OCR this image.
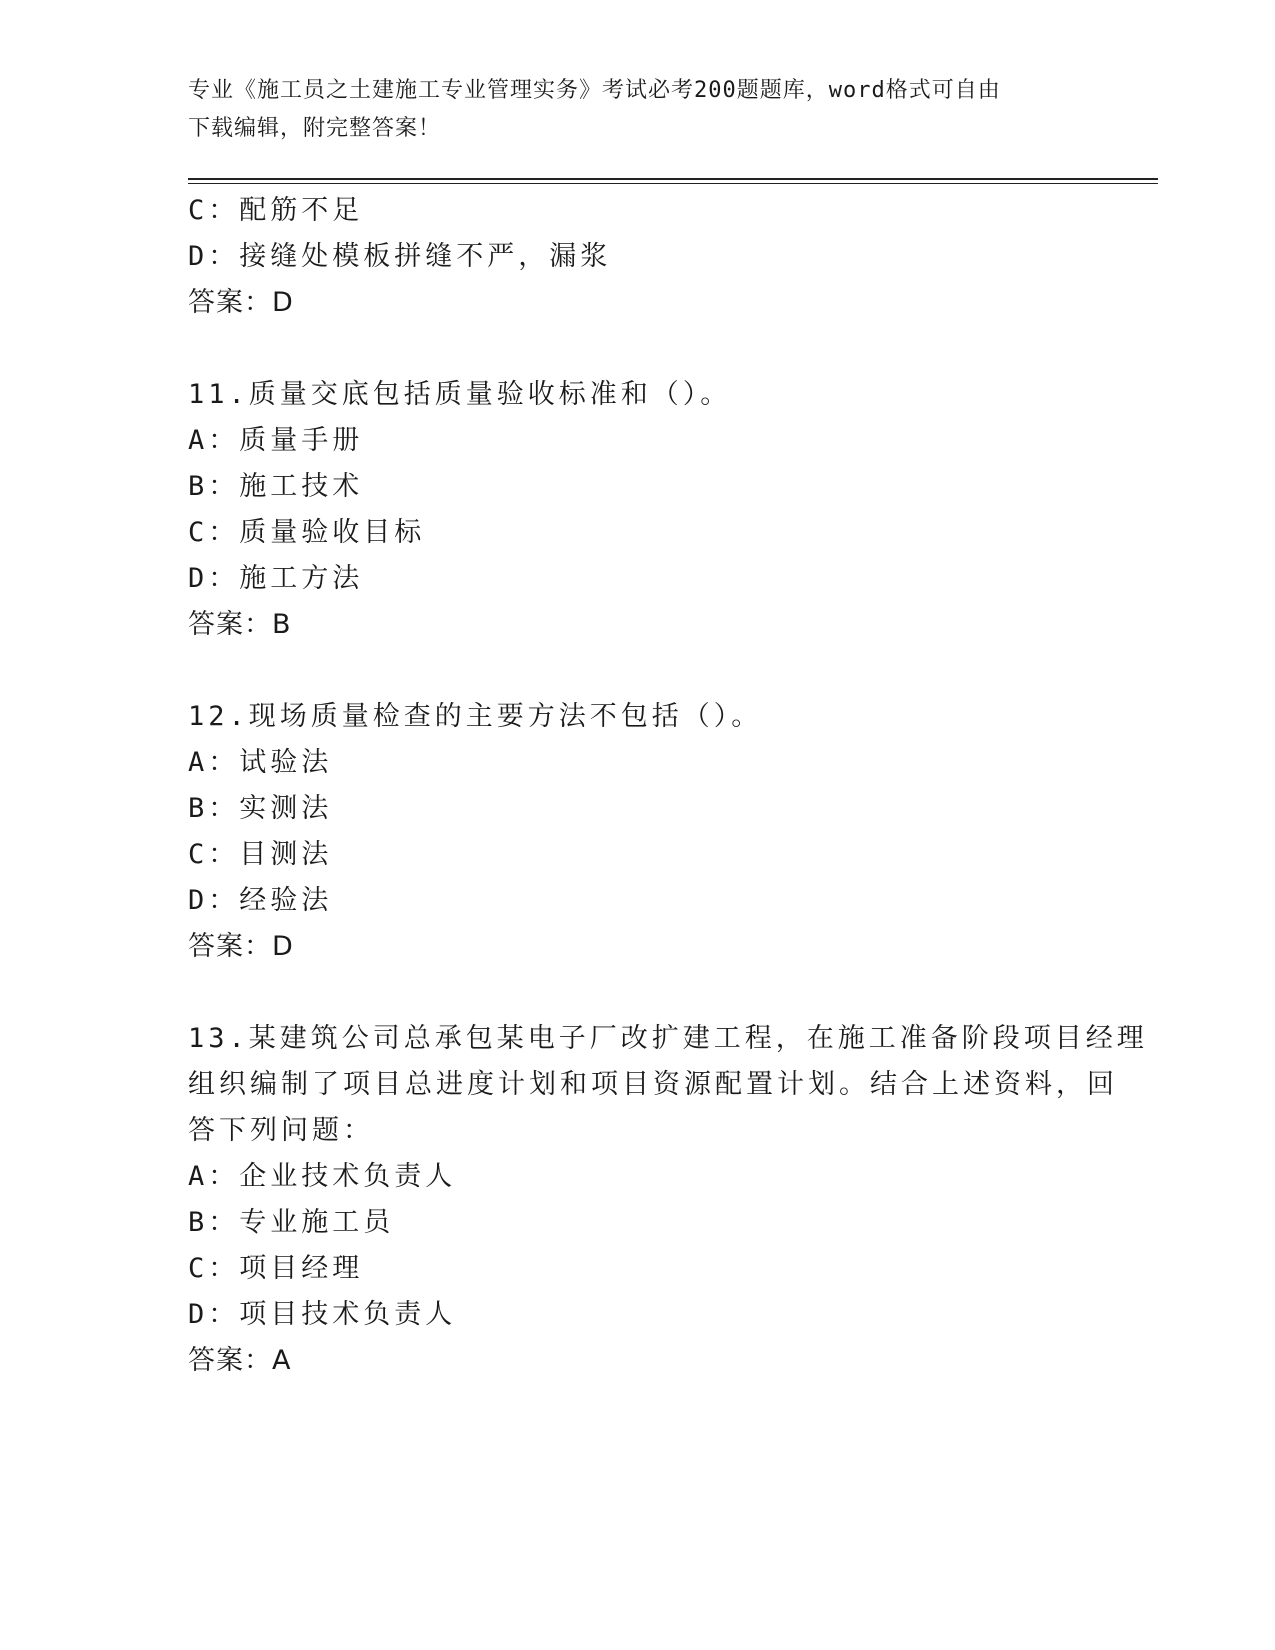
专业《施工员之土建施工专业管理实务》考试必考200题题库，word格式可自由
下载编辑，附完整答案！
C：配筋不足
D：接缝处模板拼缝不严，漏浆
答案：D
11.质量交底包括质量验收标准和（）。
A：质量手册
B：施工技术
C：质量验收目标
D：施工方法
答案：B
12.现场质量检查的主要方法不包括（）。
A：试验法
B：实测法
C：目测法
D：经验法
答案：D
13.某建筑公司总承包某电子厂改扩建工程，在施工准备阶段项目经理
组织编制了项目总进度计划和项目资源配置计划。结合上述资料，回
答下列问题：
A：企业技术负责人
B：专业施工员
C：项目经理
D：项目技术负责人
答案：A
